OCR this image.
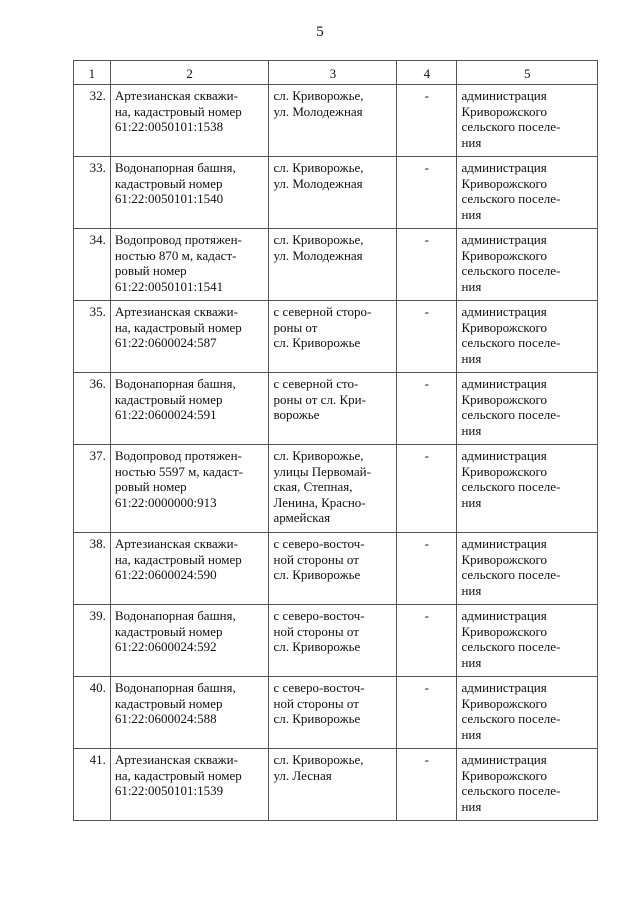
5
1	2	3	4	5
32.	Артезианская скважи-
на, кадастровый номер
61:22:0050101:1538	сл. Криворожье,
ул. Молодежная	-	администрация
Криворожского
сельского поселе-
ния

33.	Водонапорная башня,
кадастровый номер
61:22:0050101:1540	сл. Криворожье,
ул. Молодежная	-	администрация
Криворожского
сельского поселе-
ния

34.	Водопровод протяжен-
ностью 870 м, кадаст-
ровый номер
61:22:0050101:1541	сл. Криворожье,
ул. Молодежная	-	администрация
Криворожского
сельского поселе-
ния

35.	Артезианская скважи-
на, кадастровый номер
61:22:0600024:587	с северной сторо-
роны от
сл. Криворожье	-	администрация
Криворожского
сельского поселе-
ния

36.	Водонапорная башня,
кадастровый номер
61:22:0600024:591	с северной сто-
роны от сл. Кри-
ворожье	-	администрация
Криворожского
сельского поселе-
ния

37.	Водопровод протяжен-
ностью 5597 м, кадаст-
ровый номер
61:22:0000000:913	сл. Криворожье,
улицы Первомай-
ская, Степная,
Ленина, Красно-
армейская	-	администрация
Криворожского
сельского поселе-
ния

38.	Артезианская скважи-
на, кадастровый номер
61:22:0600024:590	с северо-восточ-
ной стороны от
сл. Криворожье	-	администрация
Криворожского
сельского поселе-
ния

39.	Водонапорная башня,
кадастровый номер
61:22:0600024:592	с северо-восточ-
ной стороны от
сл. Криворожье	-	администрация
Криворожского
сельского поселе-
ния

40.	Водонапорная башня,
кадастровый номер
61:22:0600024:588	с северо-восточ-
ной стороны от
сл. Криворожье	-	администрация
Криворожского
сельского поселе-
ния

41.	Артезианская скважи-
на, кадастровый номер
61:22:0050101:1539	сл. Криворожье,
ул. Лесная	-	администрация
Криворожского
сельского поселе-
ния
